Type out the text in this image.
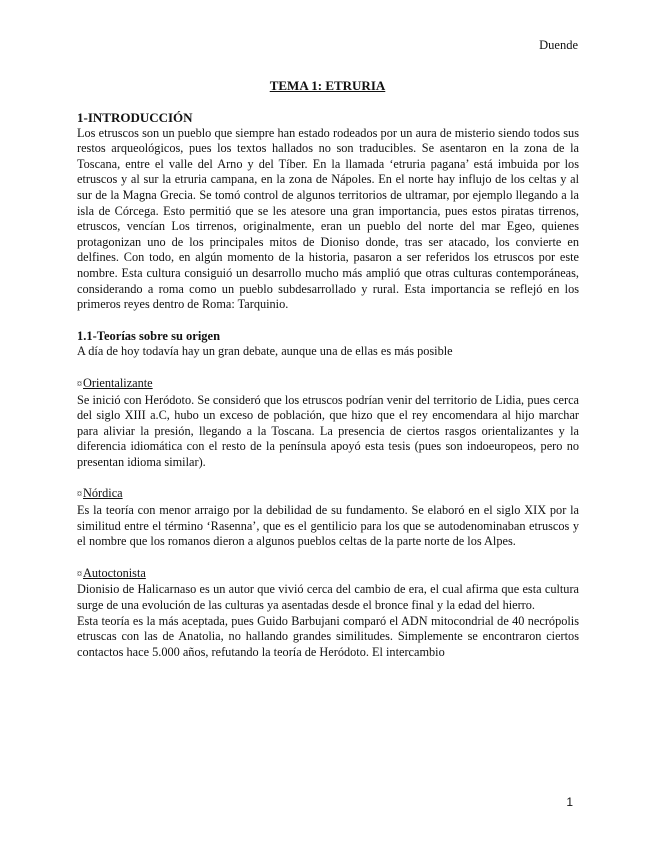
Duende
TEMA 1: ETRURIA
1-INTRODUCCIÓN

Los etruscos son un pueblo que siempre han estado rodeados por un aura de misterio siendo todos sus restos arqueológicos, pues los textos hallados no son traducibles. Se asentaron en la zona de la Toscana, entre el valle del Arno y del Tíber. En la llamada ‘etruria pagana’ está imbuida por los etruscos y al sur la etruria campana, en la zona de Nápoles. En el norte hay influjo de los celtas y al sur de la Magna Grecia. Se tomó control de algunos territorios de ultramar, por ejemplo llegando a la isla de Córcega. Esto permitió que se les atesore una gran importancia, pues estos piratas tirrenos, etruscos, vencían Los tirrenos, originalmente, eran un pueblo del norte del mar Egeo, quienes protagonizan uno de los principales mitos de Dioniso donde, tras ser atacado, los convierte en delfines. Con todo, en algún momento de la historia, pasaron a ser referidos los etruscos por este nombre. Esta cultura consiguió un desarrollo mucho más amplió que otras culturas contemporáneas, considerando a roma como un pueblo subdesarrollado y rural. Esta importancia se reflejó en los primeros reyes dentro de Roma: Tarquinio.

1.1-Teorías sobre su origen

A día de hoy todavía hay un gran debate, aunque una de ellas es más posible

¤Orientalizante

Se inició con Heródoto. Se consideró que los etruscos podrían venir del territorio de Lidia, pues cerca del siglo XIII a.C, hubo un exceso de población, que hizo que el rey encomendara al hijo marchar para aliviar la presión, llegando a la Toscana. La presencia de ciertos rasgos orientalizantes y la diferencia idiomática con el resto de la península apoyó esta tesis (pues son indoeuropeos, pero no presentan idioma similar).

¤Nórdica

Es la teoría con menor arraigo por la debilidad de su fundamento. Se elaboró en el siglo XIX por la similitud entre el término ‘Rasenna’, que es el gentilicio para los que se autodenominaban etruscos y el nombre que los romanos dieron a algunos pueblos celtas de la parte norte de los Alpes.

¤Autoctonista

Dionisio de Halicarnaso es un autor que vivió cerca del cambio de era, el cual afirma que esta cultura surge de una evolución de las culturas ya asentadas desde el bronce final y la edad del hierro.

Esta teoría es la más aceptada, pues Guido Barbujani comparó el ADN mitocondrial de 40 necrópolis etruscas con las de Anatolia, no hallando grandes similitudes. Simplemente se encontraron ciertos contactos hace 5.000 años, refutando la teoría de Heródoto. El intercambio

1
